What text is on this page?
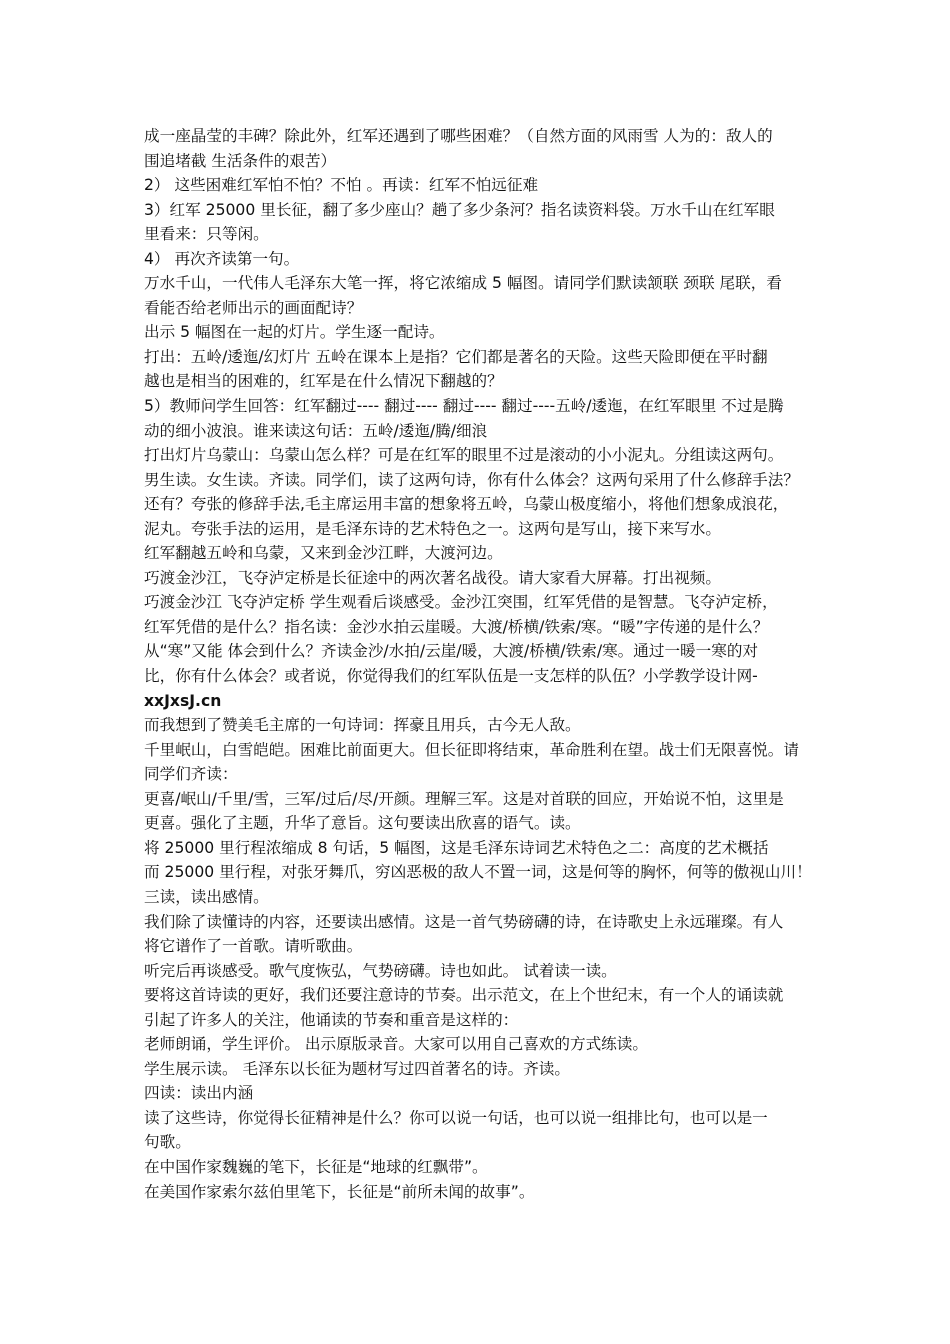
成一座晶莹的丰碑？除此外，红军还遇到了哪些困难？（自然方面的风雨雪 人为的：敌人的
围追堵截 生活条件的艰苦）
2） 这些困难红军怕不怕？不怕 。再读：红军不怕远征难
3）红军 25000 里长征，翻了多少座山？趟了多少条河？指名读资料袋。万水千山在红军眼
里看来：只等闲。
4） 再次齐读第一句。
万水千山，一代伟人毛泽东大笔一挥，将它浓缩成 5 幅图。请同学们默读颔联 颈联 尾联，看
看能否给老师出示的画面配诗？
出示 5 幅图在一起的灯片。学生逐一配诗。
打出：五岭/逶迤/幻灯片 五岭在课本上是指？它们都是著名的天险。这些天险即便在平时翻
越也是相当的困难的，红军是在什么情况下翻越的？
5）教师问学生回答：红军翻过---- 翻过---- 翻过---- 翻过----五岭/逶迤，在红军眼里 不过是腾
动的细小波浪。谁来读这句话：五岭/逶迤/腾/细浪
打出灯片乌蒙山：乌蒙山怎么样？可是在红军的眼里不过是滚动的小小泥丸。分组读这两句。
男生读。女生读。齐读。同学们，读了这两句诗，你有什么体会？这两句采用了什么修辞手法？
还有？夸张的修辞手法,毛主席运用丰富的想象将五岭，乌蒙山极度缩小，将他们想象成浪花，
泥丸。夸张手法的运用，是毛泽东诗的艺术特色之一。这两句是写山，接下来写水。
红军翻越五岭和乌蒙，又来到金沙江畔，大渡河边。
巧渡金沙江，飞夺泸定桥是长征途中的两次著名战役。请大家看大屏幕。打出视频。
巧渡金沙江 飞夺泸定桥 学生观看后谈感受。金沙江突围，红军凭借的是智慧。飞夺泸定桥，
红军凭借的是什么？指名读：金沙水拍云崖暖。大渡/桥横/铁索/寒。“暖”字传递的是什么？
从“寒”又能 体会到什么？齐读金沙/水拍/云崖/暖，大渡/桥横/铁索/寒。通过一暖一寒的对
比，你有什么体会？或者说，你觉得我们的红军队伍是一支怎样的队伍？小学教学设计网-
xxJxsJ.cn
而我想到了赞美毛主席的一句诗词：挥豪且用兵，古今无人敌。
千里岷山，白雪皑皑。困难比前面更大。但长征即将结束，革命胜利在望。战士们无限喜悦。请
同学们齐读：
更喜/岷山/千里/雪，三军/过后/尽/开颜。理解三军。这是对首联的回应，开始说不怕，这里是
更喜。强化了主题，升华了意旨。这句要读出欣喜的语气。读。
将 25000 里行程浓缩成 8 句话，5 幅图，这是毛泽东诗词艺术特色之二：高度的艺术概括
而 25000 里行程，对张牙舞爪，穷凶恶极的敌人不置一词，这是何等的胸怀，何等的傲视山川！
三读，读出感情。
我们除了读懂诗的内容，还要读出感情。这是一首气势磅礴的诗，在诗歌史上永远璀璨。有人
将它谱作了一首歌。请听歌曲。
听完后再谈感受。歌气度恢弘，气势磅礴。诗也如此。 试着读一读。
要将这首诗读的更好，我们还要注意诗的节奏。出示范文，在上个世纪末，有一个人的诵读就
引起了许多人的关注，他诵读的节奏和重音是这样的：
老师朗诵，学生评价。 出示原版录音。大家可以用自己喜欢的方式练读。
学生展示读。 毛泽东以长征为题材写过四首著名的诗。齐读。
四读：读出内涵
读了这些诗，你觉得长征精神是什么？你可以说一句话，也可以说一组排比句，也可以是一
句歌。
在中国作家魏巍的笔下，长征是“地球的红飘带”。
在美国作家索尔兹伯里笔下，长征是“前所未闻的故事”。
